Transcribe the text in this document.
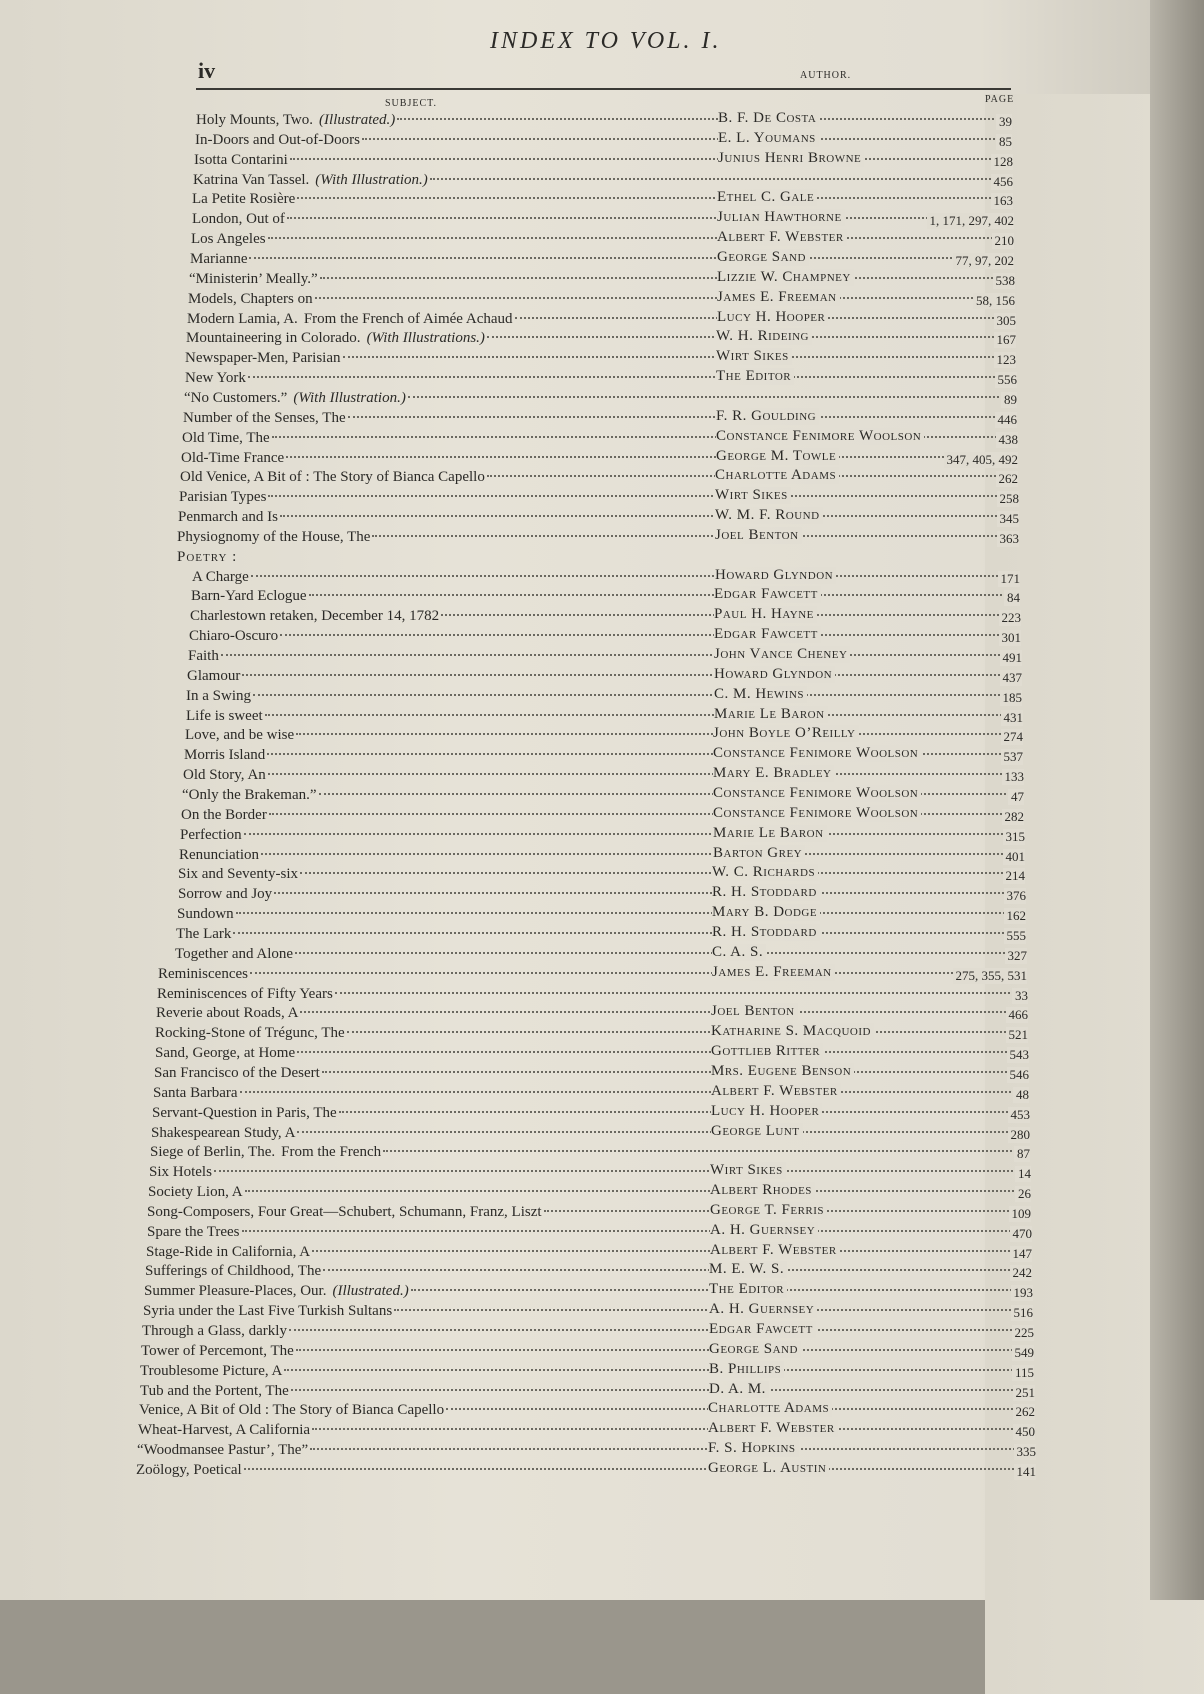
iv
INDEX TO VOL. I.
SUBJECT.
AUTHOR.
PAGE
Holy Mounts, Two. (Illustrated.)	B. F. De Costa	39
In-Doors and Out-of-Doors	E. L. Youmans	85
Isotta Contarini	Junius Henri Browne	128
Katrina Van Tassel. (With Illustration.)	456
La Petite Rosière	Ethel C. Gale	163
London, Out of	Julian Hawthorne	1, 171, 297, 402
Los Angeles	Albert F. Webster	210
Marianne	George Sand	77, 97, 202
“Ministerin’ Meally.”	Lizzie W. Champney	538
Models, Chapters on	James E. Freeman	58, 156
Modern Lamia, A. From the French of Aimée Achaud	Lucy H. Hooper	305
Mountaineering in Colorado. (With Illustrations.)	W. H. Rideing	167
Newspaper-Men, Parisian	Wirt Sikes	123
New York	The Editor	556
“No Customers.” (With Illustration.)	89
Number of the Senses, The	F. R. Goulding	446
Old Time, The	Constance Fenimore Woolson	438
Old-Time France	George M. Towle	347, 405, 492
Old Venice, A Bit of : The Story of Bianca Capello	Charlotte Adams	262
Parisian Types	Wirt Sikes	258
Penmarch and Is	W. M. F. Round	345
Physiognomy of the House, The	Joel Benton	363
Poetry :
A Charge	Howard Glyndon	171
Barn-Yard Eclogue	Edgar Fawcett	84
Charlestown retaken, December 14, 1782	Paul H. Hayne	223
Chiaro-Oscuro	Edgar Fawcett	301
Faith	John Vance Cheney	491
Glamour	Howard Glyndon	437
In a Swing	C. M. Hewins	185
Life is sweet	Marie Le Baron	431
Love, and be wise	John Boyle O’Reilly	274
Morris Island	Constance Fenimore Woolson	537
Old Story, An	Mary E. Bradley	133
“Only the Brakeman.”	Constance Fenimore Woolson	47
On the Border	Constance Fenimore Woolson	282
Perfection	Marie Le Baron	315
Renunciation	Barton Grey	401
Six and Seventy-six	W. C. Richards	214
Sorrow and Joy	R. H. Stoddard	376
Sundown	Mary B. Dodge	162
The Lark	R. H. Stoddard	555
Together and Alone	C. A. S.	327
Reminiscences	James E. Freeman	275, 355, 531
Reminiscences of Fifty Years	33
Reverie about Roads, A	Joel Benton	466
Rocking-Stone of Trégunc, The	Katharine S. Macquoid	521
Sand, George, at Home	Gottlieb Ritter	543
San Francisco of the Desert	Mrs. Eugene Benson	546
Santa Barbara	Albert F. Webster	48
Servant-Question in Paris, The	Lucy H. Hooper	453
Shakespearean Study, A	George Lunt	280
Siege of Berlin, The. From the French	87
Six Hotels	Wirt Sikes	14
Society Lion, A	Albert Rhodes	26
Song-Composers, Four Great—Schubert, Schumann, Franz, Liszt	George T. Ferris	109
Spare the Trees	A. H. Guernsey	470
Stage-Ride in California, A	Albert F. Webster	147
Sufferings of Childhood, The	M. E. W. S.	242
Summer Pleasure-Places, Our. (Illustrated.)	The Editor	193
Syria under the Last Five Turkish Sultans	A. H. Guernsey	516
Through a Glass, darkly	Edgar Fawcett	225
Tower of Percemont, The	George Sand	549
Troublesome Picture, A	B. Phillips	115
Tub and the Portent, The	D. A. M.	251
Venice, A Bit of Old : The Story of Bianca Capello	Charlotte Adams	262
Wheat-Harvest, A California	Albert F. Webster	450
“Woodmansee Pastur’, The”	F. S. Hopkins	335
Zoölogy, Poetical	George L. Austin	141
